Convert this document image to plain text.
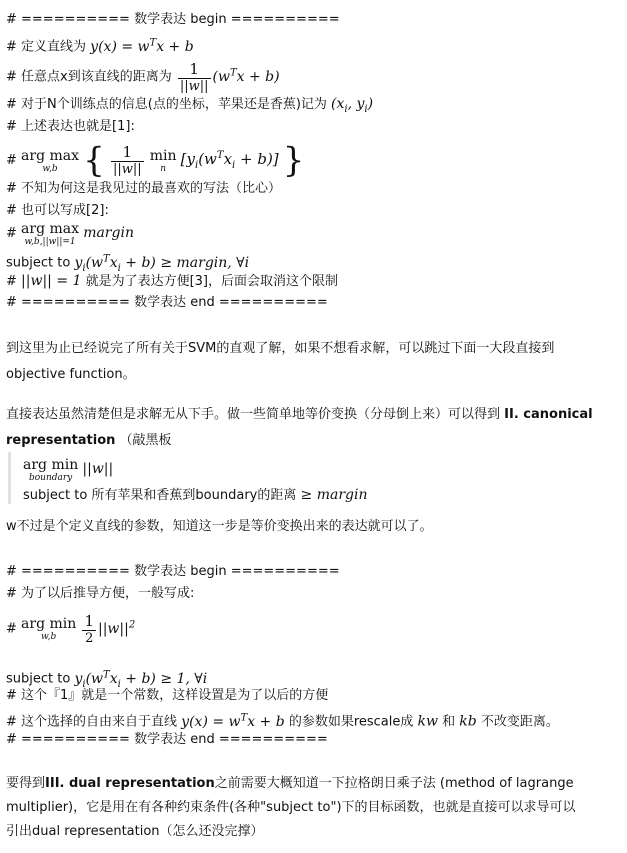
# ========== 数学表达 begin ==========
# 定义直线为 $y(x) = w^Tx + b$
# 任意点x到该直线的距离为 $\frac{1}{||w||} (w^Tx + b)$
# 对于N个训练点的信息(点的坐标，苹果还是香蕉)记为 ($x_i$, $y_i$)
# 上述表达也就是[1]:
# arg max
w,b { $\frac{1}{||w||}$
min
n
$[y_i(w^Tx_i + b)]$ }
# 不知为何这是我见过的最喜欢的写法（比心）
# 也可以写成[2]:
# arg max
w,b,||w||=1
margin
subject to $y_i(w^Tx_i + b)$ ≥ margin, ∀i
# ||w|| = 1 就是为了表达方便[3]，后面会取消这个限制
# ========== 数学表达 end ==========
到这里为止已经说完了所有关于SVM的直观了解，如果不想看求解，可以跳过下面一大段直接到objective function。
直接表达虽然清楚但是求解无从下手。做一些简单地等价变换（分母倒上来）可以得到 II. canonical representation （敲黑板
arg min
boundary
||w||
subject to 所有苹果和香蕉到boundary的距离 ≥ margin
w不过是个定义直线的参数，知道这一步是等价变换出来的表达就可以了。
# ========== 数学表达 begin ==========
# 为了以后推导方便，一般写成:
# arg min
w,b
	$\frac{1}{2} ||w||^2$
subject to $y_i(w^Tx_i + b) \ge 1$, ∀i
# 这个『1』就是一个常数，这样设置是为了以后的方便
# 这个选择的自由来自于直线 $y(x) = w^Tx + b$ 的参数如果rescale成 kw 和 kb 不改变距离。
# ========== 数学表达 end ==========
要得到III. dual representation之前需要大概知道一下拉格朗日乘子法 (method of lagrange multiplier)，它是用在有各种约束条件(各种"subject to")下的目标函数，也就是直接可以求导可以引出dual representation（怎么还没完撑）
